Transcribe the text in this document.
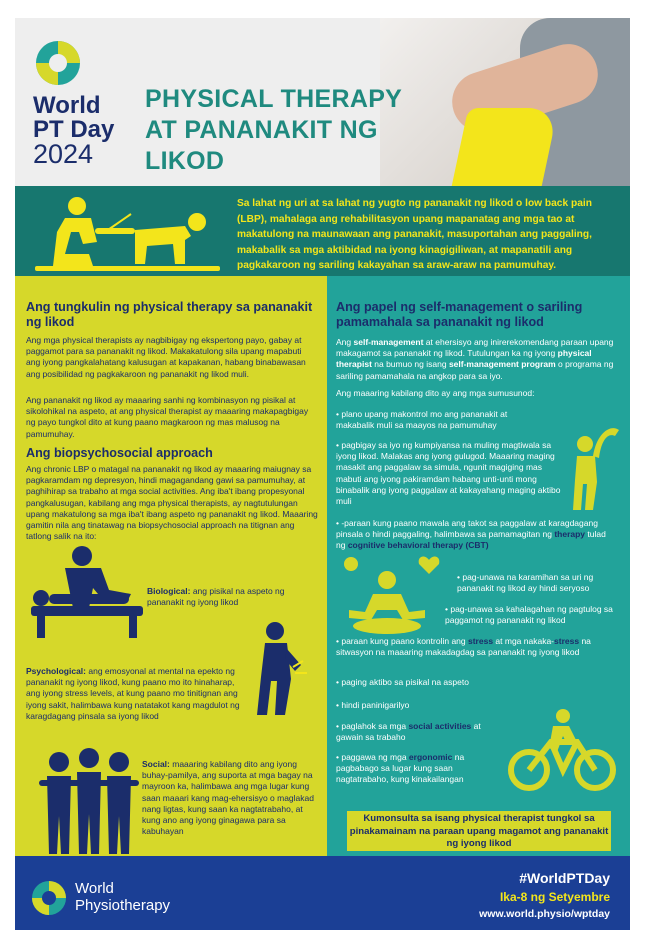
World
PT Day
2024
PHYSICAL THERAPY AT PANANAKIT NG LIKOD
Sa lahat ng uri at sa lahat ng yugto ng pananakit ng likod o low back pain (LBP), mahalaga ang rehabilitasyon upang mapanatag ang mga tao at makatulong na maunawaan ang pananakit, masuportahan ang paggaling, makabalik sa mga aktibidad na iyong kinagigiliwan, at mapanatili ang pagkakaroon ng sariling kakayahan sa araw-araw na pamumuhay.
Ang tungkulin ng physical therapy sa pananakit ng likod
Ang mga physical therapists ay nagbibigay ng ekspertong payo, gabay at paggamot para sa pananakit ng likod. Makakatulong sila upang mapabuti ang iyong pangkalahatang kalusugan at kapakanan, habang binabawasan ang posibilidad ng pagkakaroon ng pananakit ng likod muli.
Ang pananakit ng likod ay maaaring sanhi ng kombinasyon ng pisikal at sikolohikal na aspeto, at ang physical therapist ay maaaring makapagbigay ng payo tungkol dito at kung paano magkaroon ng mas malusog na pamumuhay.
Ang biopsychosocial approach
Ang chronic LBP o matagal na pananakit ng likod ay maaaring maiugnay sa pagkaramdam ng depresyon, hindi magagandang gawi sa pamumuhay, at paghihirap sa trabaho at mga social activities. Ang iba't ibang propesyonal pangkalusugan, kabilang ang mga physical therapists, ay nagtutulungan upang makatulong sa mga iba't ibang aspeto ng pananakit ng likod. Maaaring gamitin nila ang tinatawag na biopsychosocial approach na titignan ang tatlong salik na ito:
Biological: ang pisikal na aspeto ng pananakit ng iyong likod
Psychological: ang emosyonal at mental na epekto ng pananakit ng iyong likod, kung paano mo ito hinaharap, ang iyong stress levels, at kung paano mo tinitignan ang iyong sakit, halimbawa kung natatakot kang magdulot ng karagdagang pinsala sa iyong likod
Social: maaaring kabilang dito ang iyong buhay-pamilya, ang suporta at mga bagay na mayroon ka, halimbawa ang mga lugar kung saan maaari kang mag-ehersisyo o maglakad nang ligtas, kung saan ka nagtatrabaho, at kung ano ang iyong ginagawa para sa kabuhayan
Ang papel ng self-management o sariling pamamahala sa pananakit ng likod
Ang self-management at ehersisyo ang inirerekomendang paraan upang makagamot sa pananakit ng likod. Tutulungan ka ng iyong physical therapist na bumuo ng isang self-management program o programa ng sariling pamamahala na angkop para sa iyo.
Ang maaaring kabilang dito ay ang mga sumusunod:
• plano upang makontrol mo ang pananakit at makabalik muli sa maayos na pamumuhay
• pagbigay sa iyo ng kumpiyansa na muling magtiwala sa iyong likod. Malakas ang iyong gulugod. Maaaring maging masakit ang paggalaw sa simula, ngunit magiging mas mabuti ang iyong pakiramdam habang unti-unti mong binabalik ang iyong paggalaw at kakayahang maging aktibo muli
• -paraan kung paano mawala ang takot sa paggalaw at karagdagang pinsala o hindi paggaling, halimbawa sa pamamagitan ng therapy tulad ng cognitive behavioral therapy (CBT)
• pag-unawa na karamihan sa uri ng pananakit ng likod ay hindi seryoso
• pag-unawa sa kahalagahan ng pagtulog sa paggamot ng pananakit ng likod
• paraan kung paano kontrolin ang stress at mga nakaka-stress na sitwasyon na maaaring makadagdag sa pananakit ng iyong likod
• paging aktibo sa pisikal na aspeto
• hindi paninigarilyo
• paglahok sa mga social activities at gawain sa trabaho
• paggawa ng mga ergonomic na pagbabago sa lugar kung saan nagtatrabaho, kung kinakailangan
Kumonsulta sa isang physical therapist tungkol sa pinakamainam na paraan upang magamot ang pananakit ng iyong likod
World
Physiotherapy
#WorldPTDay
Ika-8 ng Setyembre
www.world.physio/wptday
